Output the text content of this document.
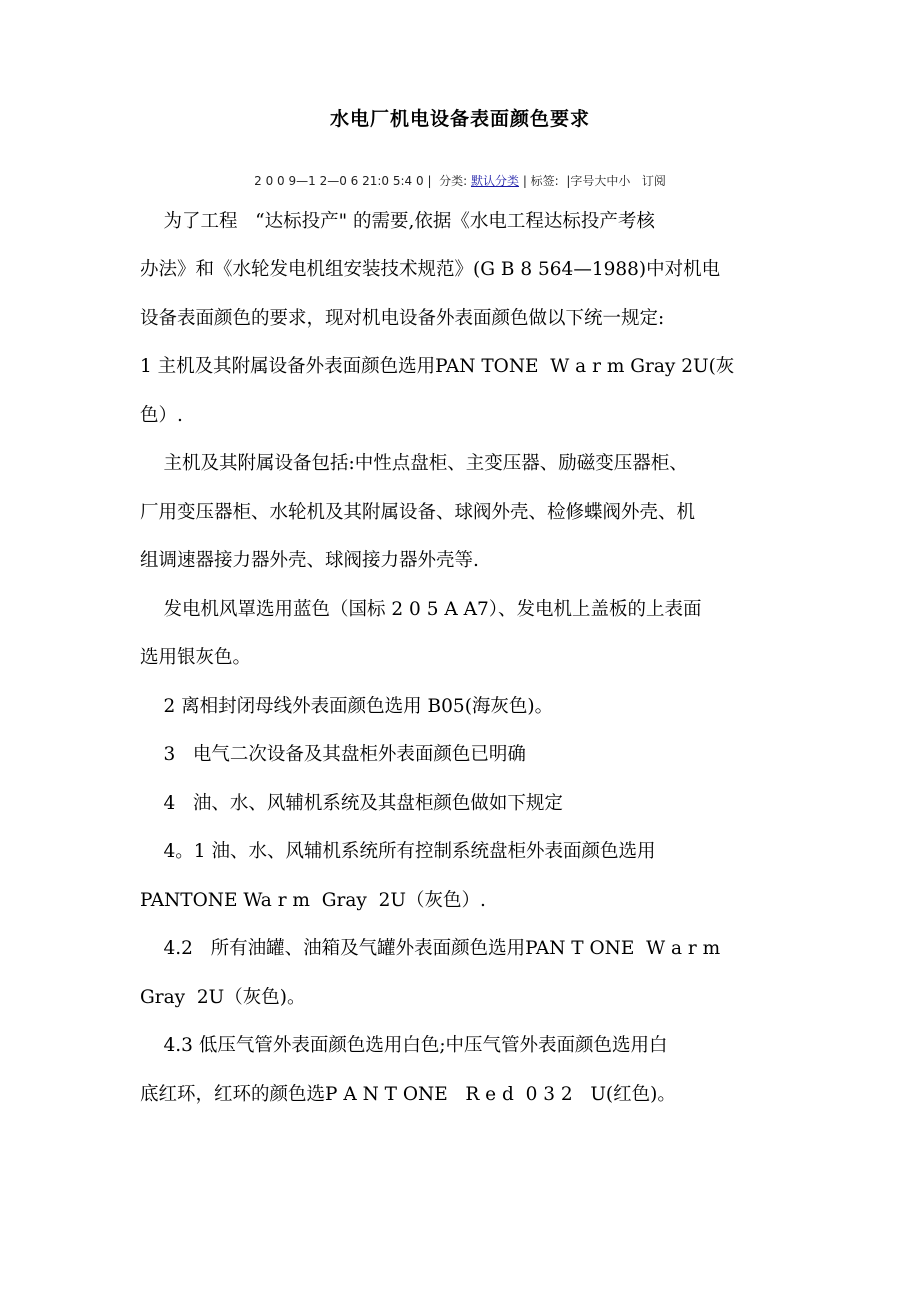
水电厂机电设备表面颜色要求
2 0 0 9—1 2—0 6 21:0 5:4 0 |  分类: 默认分类 | 标签:  |字号大中小   订阅
为了工程   “达标投产" 的需要,依据《水电工程达标投产考核
办法》和《水轮发电机组安装技术规范》(G B 8 564—1988)中对机电
设备表面颜色的要求，现对机电设备外表面颜色做以下统一规定:
1 主机及其附属设备外表面颜色选用PAN TONE  W a r m Gray 2U(灰
色）.
主机及其附属设备包括:中性点盘柜、主变压器、励磁变压器柜、
厂用变压器柜、水轮机及其附属设备、球阀外壳、检修蝶阀外壳、机
组调速器接力器外壳、球阀接力器外壳等.
发电机风罩选用蓝色（国标 2 0 5 A A7）、发电机上盖板的上表面
选用银灰色。
2 离相封闭母线外表面颜色选用 B05(海灰色)。
3   电气二次设备及其盘柜外表面颜色已明确
4   油、水、风辅机系统及其盘柜颜色做如下规定
4。1 油、水、风辅机系统所有控制系统盘柜外表面颜色选用
PANTONE Wa r m  Gray  2U（灰色）.
4.2   所有油罐、油箱及气罐外表面颜色选用PAN T ONE  W a r m
Gray  2U（灰色)。
4.3 低压气管外表面颜色选用白色;中压气管外表面颜色选用白
底红环，红环的颜色选P A N T ONE   R e d  0 3 2   U(红色)。
